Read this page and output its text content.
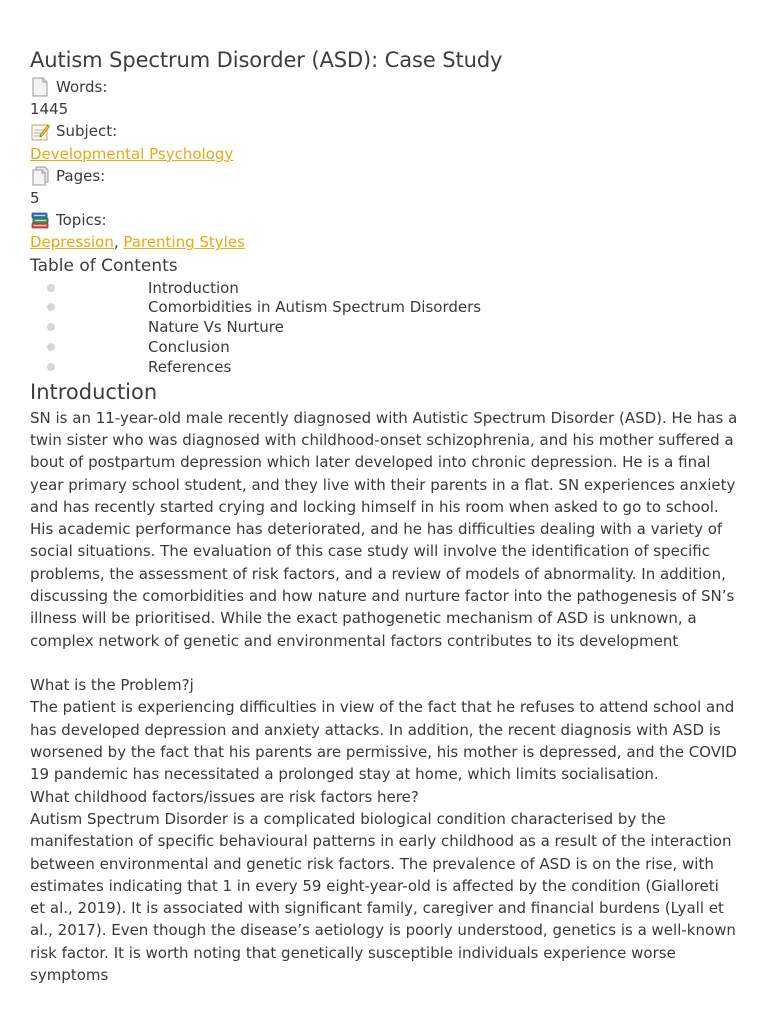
Autism Spectrum Disorder (ASD): Case Study
Words:

1445

Subject:

Developmental Psychology

Pages:

5

Topics:

Depression, Parenting Styles

Table of Contents

Introduction
Comorbidities in Autism Spectrum Disorders
Nature Vs Nurture
Conclusion
References
Introduction

SN is an 11-year-old male recently diagnosed with Autistic Spectrum Disorder (ASD). He has a twin sister who was diagnosed with childhood-onset schizophrenia, and his mother suffered a bout of postpartum depression which later developed into chronic depression. He is a final year primary school student, and they live with their parents in a flat. SN experiences anxiety and has recently started crying and locking himself in his room when asked to go to school. His academic performance has deteriorated, and he has difficulties dealing with a variety of social situations. The evaluation of this case study will involve the identification of specific problems, the assessment of risk factors, and a review of models of abnormality. In addition, discussing the comorbidities and how nature and nurture factor into the pathogenesis of SN’s illness will be prioritised. While the exact pathogenetic mechanism of ASD is unknown, a complex network of genetic and environmental factors contributes to its development

What is the Problem?j

The patient is experiencing difficulties in view of the fact that he refuses to attend school and has developed depression and anxiety attacks. In addition, the recent diagnosis with ASD is worsened by the fact that his parents are permissive, his mother is depressed, and the COVID 19 pandemic has necessitated a prolonged stay at home, which limits socialisation.

What childhood factors/issues are risk factors here?

Autism Spectrum Disorder is a complicated biological condition characterised by the manifestation of specific behavioural patterns in early childhood as a result of the interaction between environmental and genetic risk factors. The prevalence of ASD is on the rise, with estimates indicating that 1 in every 59 eight-year-old is affected by the condition (Gialloreti et al., 2019). It is associated with significant family, caregiver and financial burdens (Lyall et al., 2017). Even though the disease’s aetiology is poorly understood, genetics is a well-known risk factor. It is worth noting that genetically susceptible individuals experience worse symptoms
